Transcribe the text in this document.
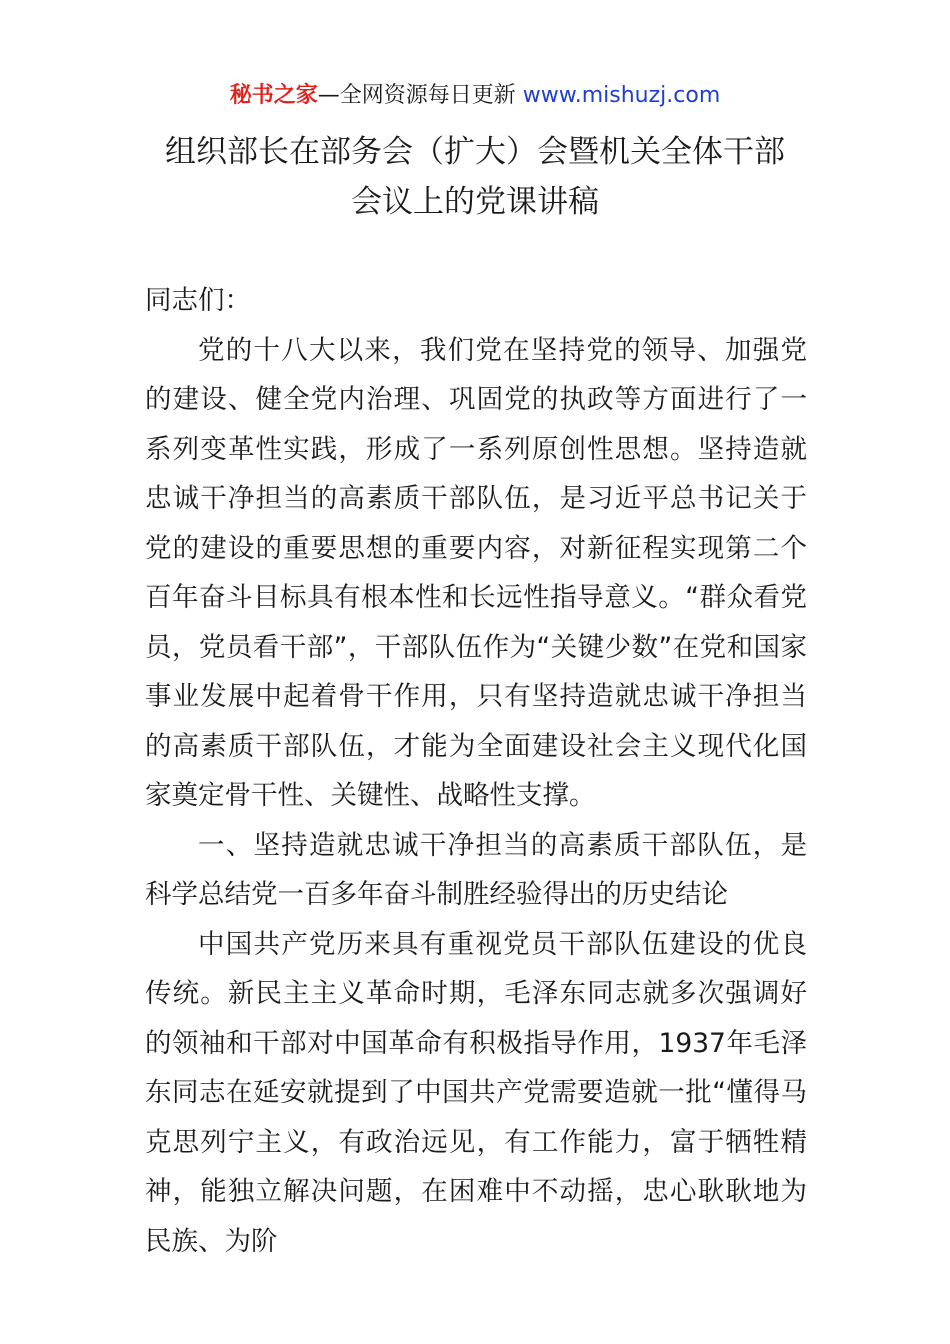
秘书之家—全网资源每日更新 www.mishuzj.com
组织部长在部务会（扩大）会暨机关全体干部
会议上的党课讲稿

同志们：

党的十八大以来，我们党在坚持党的领导、加强党的建设、健全党内治理、巩固党的执政等方面进行了一系列变革性实践，形成了一系列原创性思想。坚持造就忠诚干净担当的高素质干部队伍，是习近平总书记关于党的建设的重要思想的重要内容，对新征程实现第二个百年奋斗目标具有根本性和长远性指导意义。“群众看党员，党员看干部”，干部队伍作为“关键少数”在党和国家事业发展中起着骨干作用，只有坚持造就忠诚干净担当的高素质干部队伍，才能为全面建设社会主义现代化国家奠定骨干性、关键性、战略性支撑。

一、坚持造就忠诚干净担当的高素质干部队伍，是科学总结党一百多年奋斗制胜经验得出的历史结论

中国共产党历来具有重视党员干部队伍建设的优良传统。新民主主义革命时期，毛泽东同志就多次强调好的领袖和干部对中国革命有积极指导作用，1937年毛泽东同志在延安就提到了中国共产党需要造就一批“懂得马克思列宁主义，有政治远见，有工作能力，富于牺牲精神，能独立解决问题，在困难中不动摇，忠心耿耿地为民族、为阶
